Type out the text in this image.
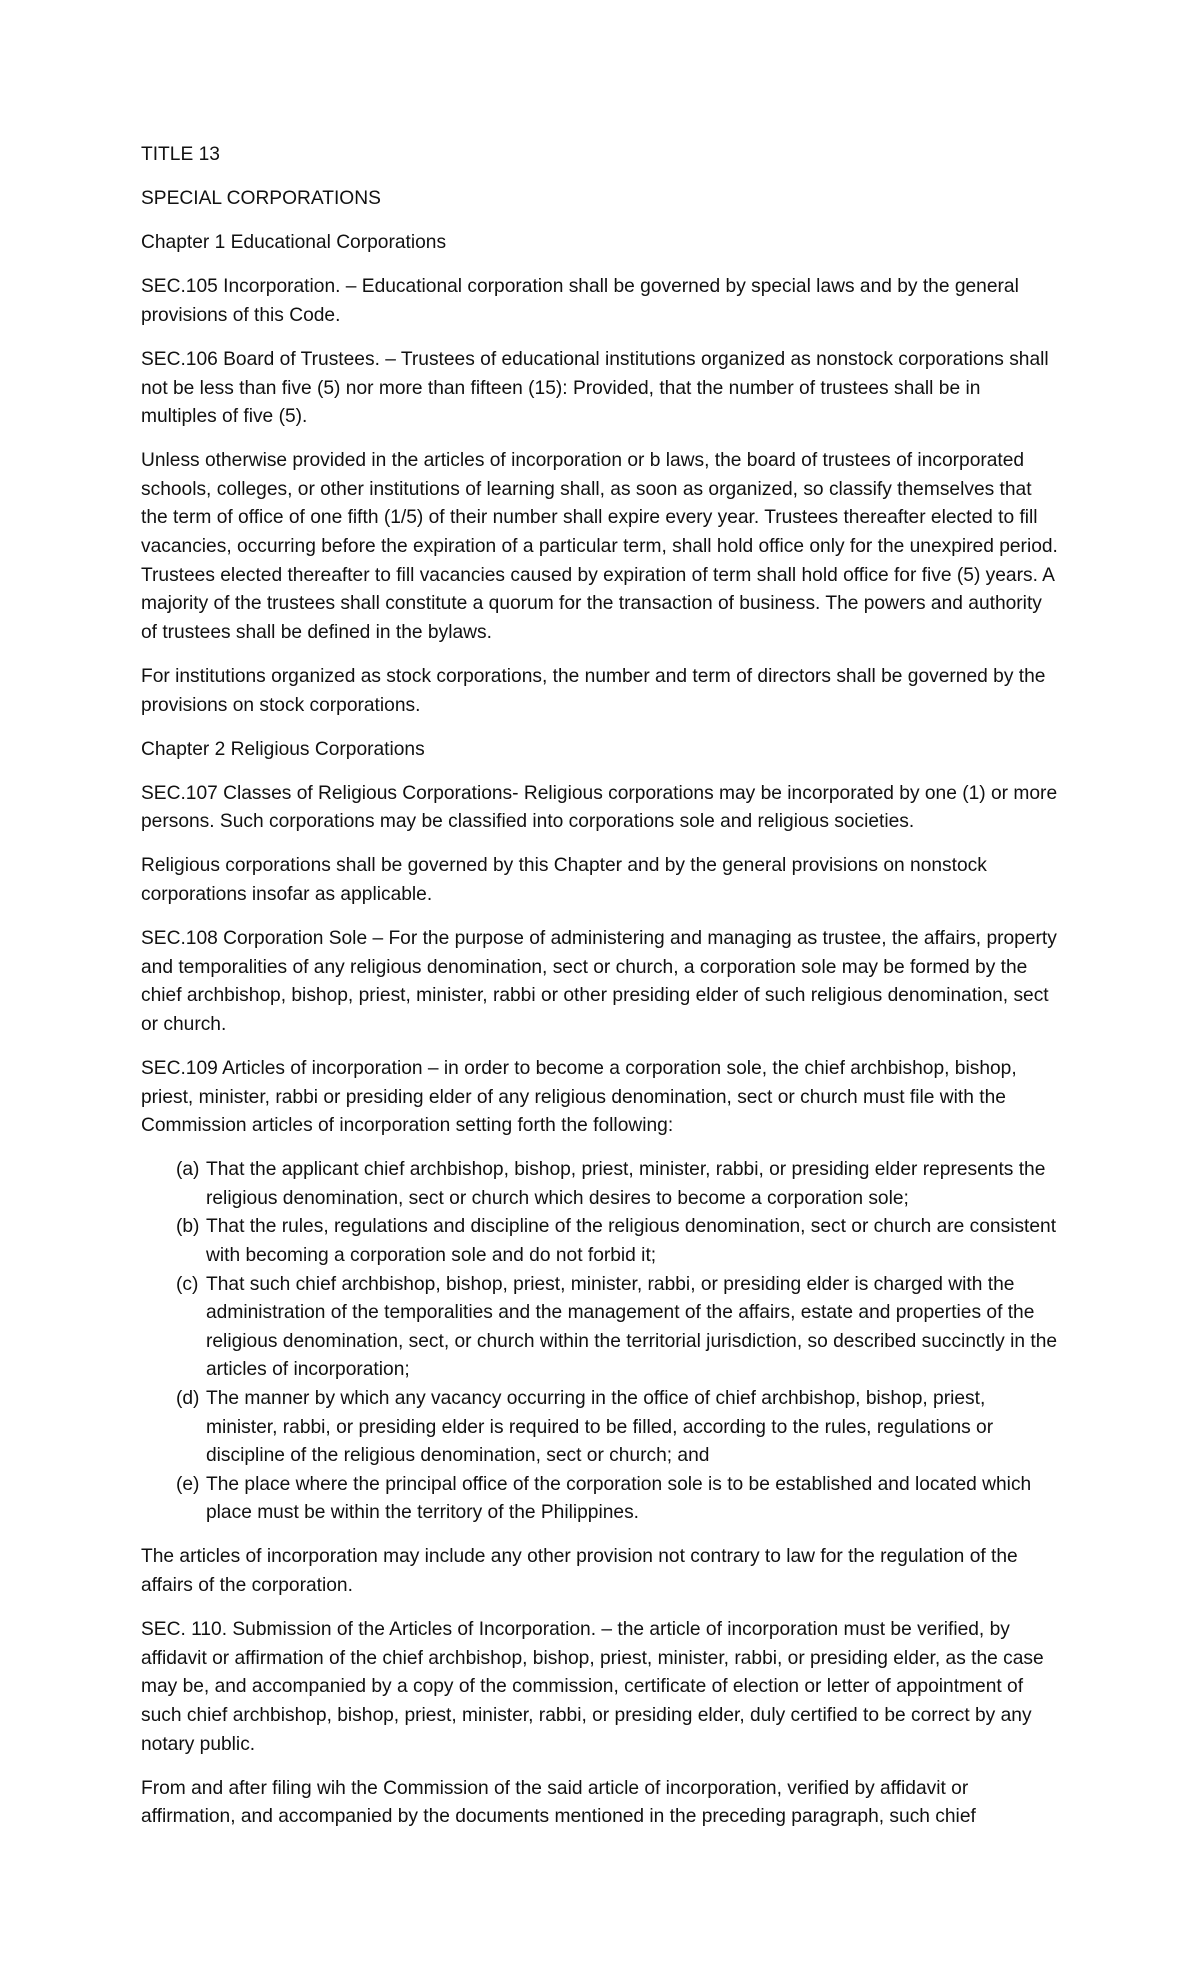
TITLE 13

SPECIAL CORPORATIONS

Chapter 1 Educational Corporations

SEC.105 Incorporation. – Educational corporation shall be governed by special laws and by the general provisions of this Code.

SEC.106 Board of Trustees. – Trustees of educational institutions organized as nonstock corporations shall not be less than five (5) nor more than fifteen (15): Provided, that the number of trustees shall be in multiples of five (5).

Unless otherwise provided in the articles of incorporation or b laws, the board of trustees of incorporated schools, colleges, or other institutions of learning shall, as soon as organized, so classify themselves that the term of office of one fifth (1/5) of their number shall expire every year. Trustees thereafter elected to fill vacancies, occurring before the expiration of a particular term, shall hold office only for the unexpired period. Trustees elected thereafter to fill vacancies caused by expiration of term shall hold office for five (5) years. A majority of the trustees shall constitute a quorum for the transaction of business. The powers and authority of trustees shall be defined in the bylaws.

For institutions organized as stock corporations, the number and term of directors shall be governed by the provisions on stock corporations.

Chapter 2 Religious Corporations

SEC.107 Classes of Religious Corporations- Religious corporations may be incorporated by one (1) or more persons. Such corporations may be classified into corporations sole and religious societies.

Religious corporations shall be governed by this Chapter and by the general provisions on nonstock corporations insofar as applicable.

SEC.108 Corporation Sole – For the purpose of administering and managing as trustee, the affairs, property and temporalities of any religious denomination, sect or church, a corporation sole may be formed by the chief archbishop, bishop, priest, minister, rabbi or other presiding elder of such religious denomination, sect or church.

SEC.109 Articles of incorporation – in order to become a corporation sole, the chief archbishop, bishop, priest, minister, rabbi or presiding elder of any religious denomination, sect or church must file with the Commission articles of incorporation setting forth the following:

(a) That the applicant chief archbishop, bishop, priest, minister, rabbi, or presiding elder represents the religious denomination, sect or church which desires to become a corporation sole;
(b) That the rules, regulations and discipline of the religious denomination, sect or church are consistent with becoming a corporation sole and do not forbid it;
(c) That such chief archbishop, bishop, priest, minister, rabbi, or presiding elder is charged with the administration of the temporalities and the management of the affairs, estate and properties of the religious denomination, sect, or church within the territorial jurisdiction, so described succinctly in the articles of incorporation;
(d) The manner by which any vacancy occurring in the office of chief archbishop, bishop, priest, minister, rabbi, or presiding elder is required to be filled, according to the rules, regulations or discipline of the religious denomination, sect or church; and
(e) The place where the principal office of the corporation sole is to be established and located which place must be within the territory of the Philippines.

The articles of incorporation may include any other provision not contrary to law for the regulation of the affairs of the corporation.

SEC. 110. Submission of the Articles of Incorporation. – the article of incorporation must be verified, by affidavit or affirmation of the chief archbishop, bishop, priest, minister, rabbi, or presiding elder, as the case may be, and accompanied by a copy of the commission, certificate of election or letter of appointment of such chief archbishop, bishop, priest, minister, rabbi, or presiding elder, duly certified to be correct by any notary public.

From and after filing wih the Commission of the said article of incorporation, verified by affidavit or affirmation, and accompanied by the documents mentioned in the preceding paragraph, such chief
